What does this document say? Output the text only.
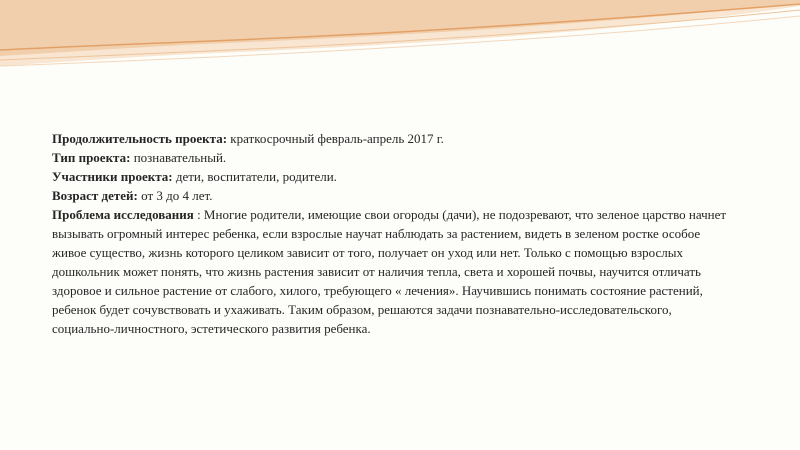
Продолжительность проекта: краткосрочный февраль-апрель 2017 г.

Тип проекта: познавательный.

Участники проекта: дети, воспитатели, родители.

Возраст детей: от 3 до 4 лет.

Проблема исследования : Многие родители, имеющие свои огороды (дачи), не подозревают, что зеленое царство начнет вызывать огромный интерес ребенка, если взрослые научат наблюдать за растением, видеть в зеленом ростке особое живое существо, жизнь которого целиком зависит от того, получает он уход или нет. Только с помощью взрослых дошкольник может понять, что жизнь растения зависит от наличия тепла, света и хорошей почвы, научится отличать здоровое и сильное растение от слабого, хилого, требующего « лечения». Научившись понимать состояние растений, ребенок будет сочувствовать и ухаживать. Таким образом, решаются задачи познавательно-исследовательского, социально-личностного, эстетического развития ребенка.
